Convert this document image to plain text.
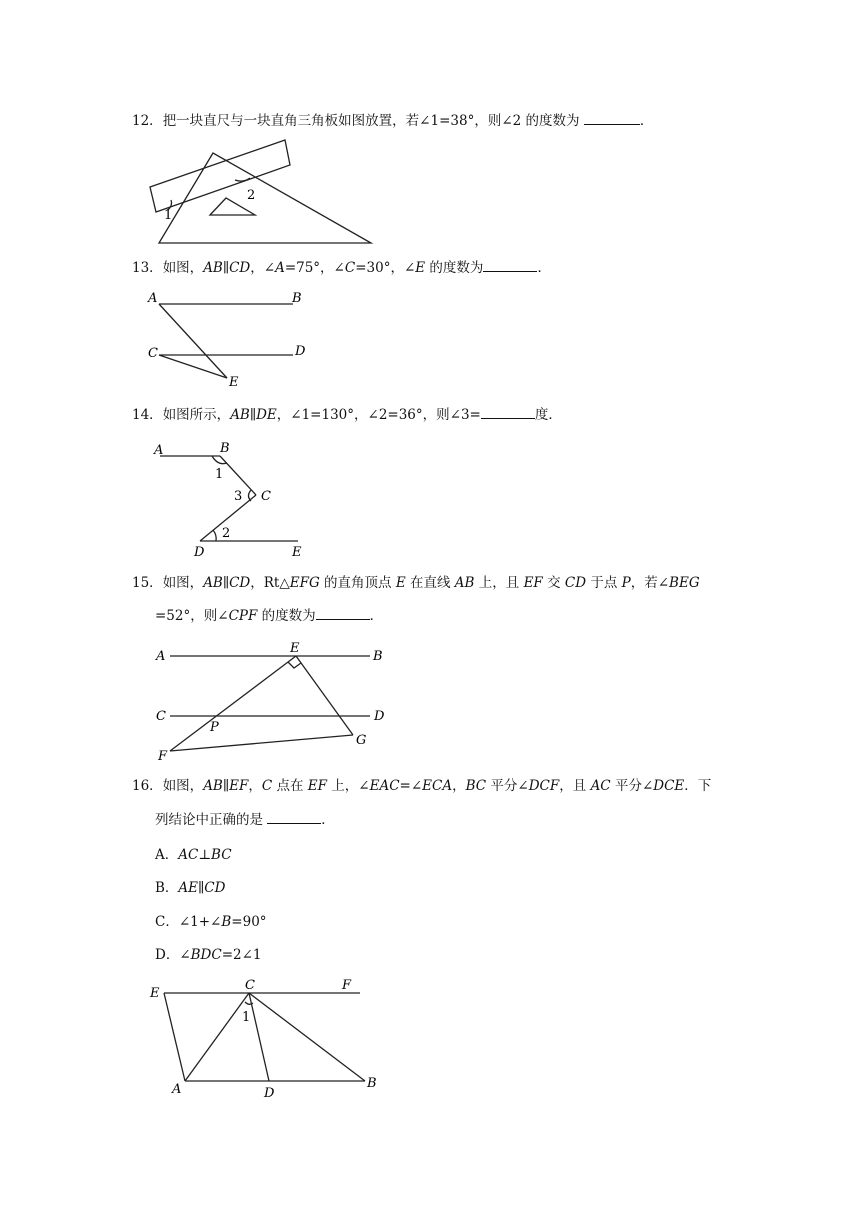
12．把一块直尺与一块直角三角板如图放置，若∠1=38°，则∠2 的度数为	．
1
2
13．如图，AB∥CD，∠A=75°，∠C=30°，∠E 的度数为	．
A	B
C	D
E
14．如图所示，AB∥DE，∠1=130°，∠2=36°，则∠3=	度．
A	B
1
3 C
2
D	E
15．如图，AB∥CD，Rt△EFG 的直角顶点 E 在直线 AB 上，且 EF 交 CD 于点 P，若∠BEG
=52°，则∠CPF 的度数为	．
A
E
B
C
P
D
F
G
16．如图，AB∥EF，C 点在 EF 上，∠EAC=∠ECA，BC 平分∠DCF，且 AC 平分∠DCE．下
列结论中正确的是	．
A．AC⊥BC
B．AE∥CD
C．∠1+∠B=90°
D．∠BDC=2∠1
E
C	F
1
A	D
B
